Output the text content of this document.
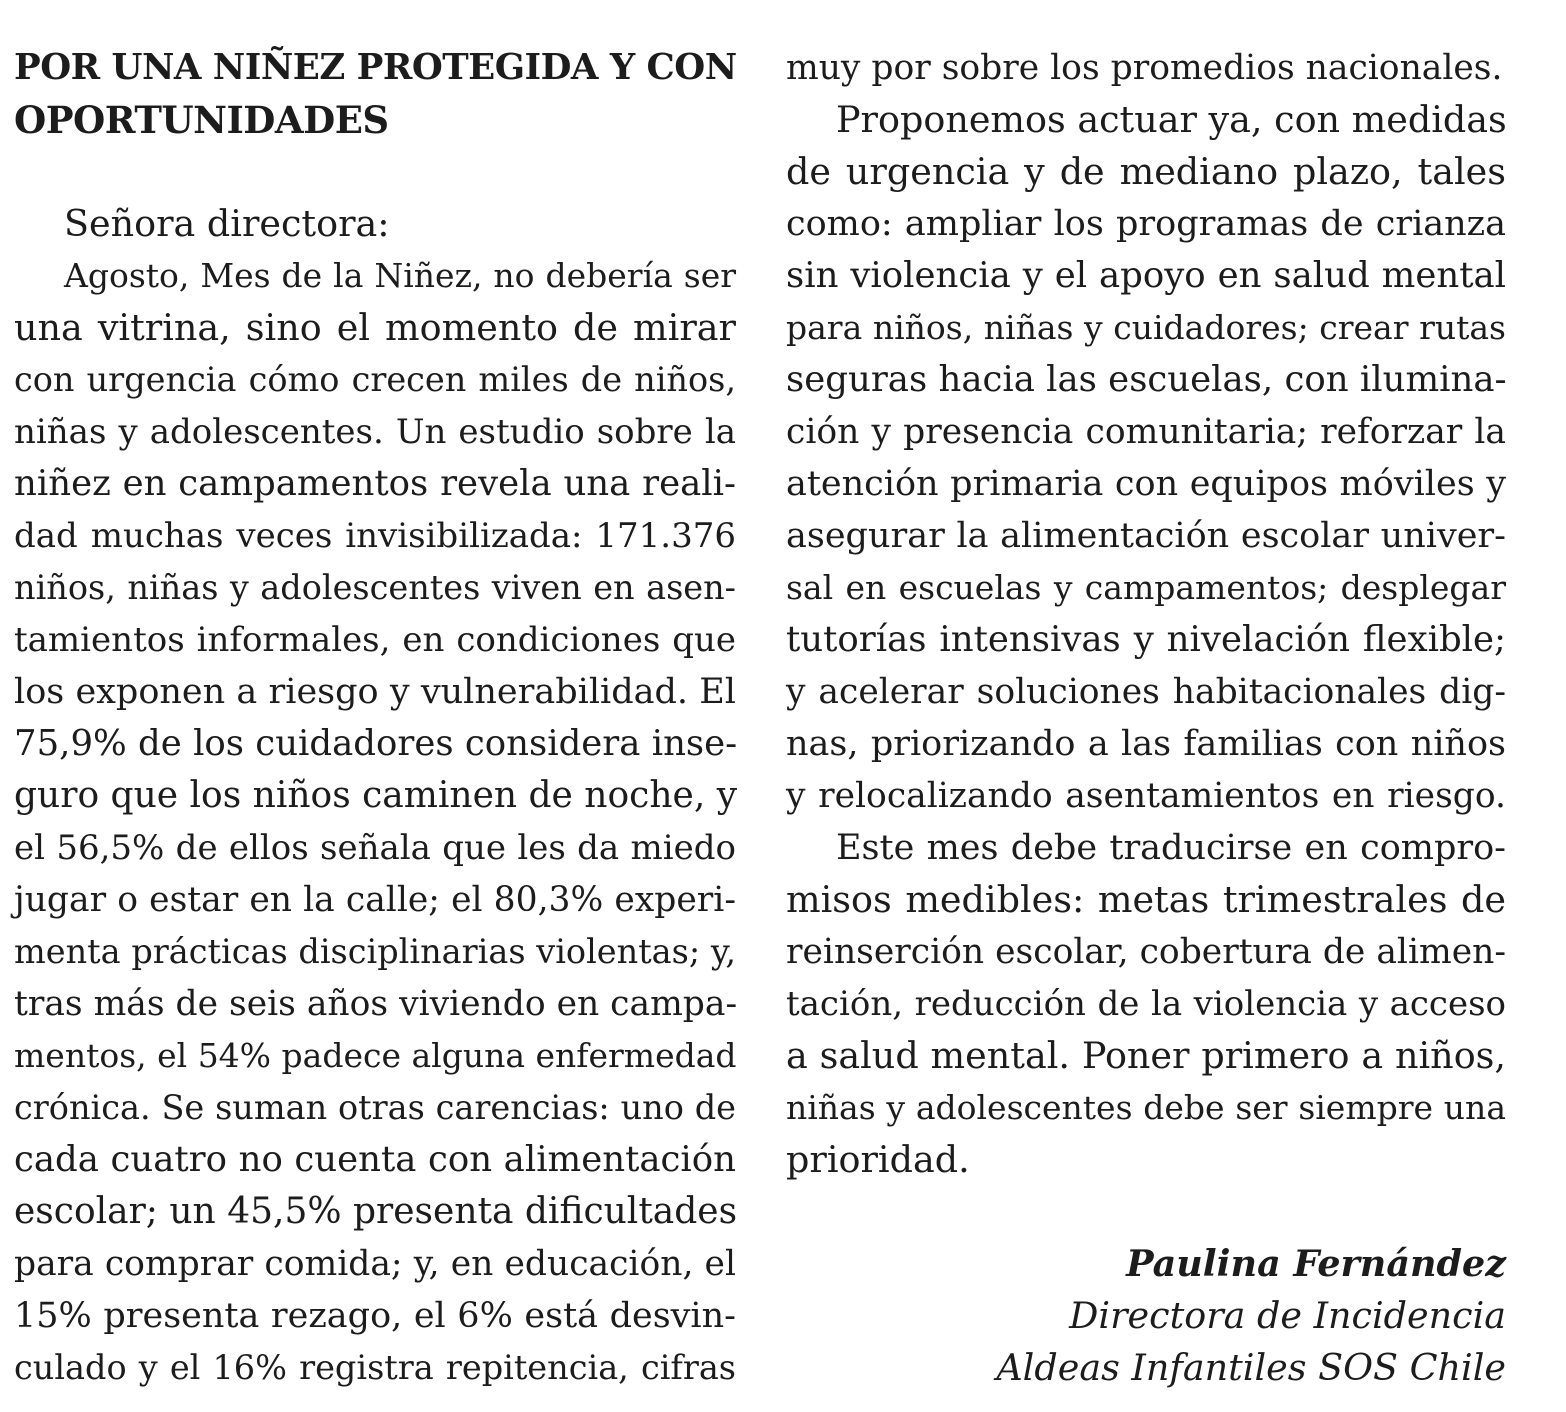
POR UNA NIÑEZ PROTEGIDA Y CON
OPORTUNIDADES
Señora directora:
Agosto, Mes de la Niñez, no debería ser
una vitrina, sino el momento de mirar
con urgencia cómo crecen miles de niños,
niñas y adolescentes. Un estudio sobre la
niñez en campamentos revela una reali-
dad muchas veces invisibilizada: 171.376
niños, niñas y adolescentes viven en asen-
tamientos informales, en condiciones que
los exponen a riesgo y vulnerabilidad. El
75,9% de los cuidadores considera inse-
guro que los niños caminen de noche, y
el 56,5% de ellos señala que les da miedo
jugar o estar en la calle; el 80,3% experi-
menta prácticas disciplinarias violentas; y,
tras más de seis años viviendo en campa-
mentos, el 54% padece alguna enfermedad
crónica. Se suman otras carencias: uno de
cada cuatro no cuenta con alimentación
escolar; un 45,5% presenta dificultades
para comprar comida; y, en educación, el
15% presenta rezago, el 6% está desvin-
culado y el 16% registra repitencia, cifras
muy por sobre los promedios nacionales.
Proponemos actuar ya, con medidas
de urgencia y de mediano plazo, tales
como: ampliar los programas de crianza
sin violencia y el apoyo en salud mental
para niños, niñas y cuidadores; crear rutas
seguras hacia las escuelas, con ilumina-
ción y presencia comunitaria; reforzar la
atención primaria con equipos móviles y
asegurar la alimentación escolar univer-
sal en escuelas y campamentos; desplegar
tutorías intensivas y nivelación flexible;
y acelerar soluciones habitacionales dig-
nas, priorizando a las familias con niños
y relocalizando asentamientos en riesgo.
Este mes debe traducirse en compro-
misos medibles: metas trimestrales de
reinserción escolar, cobertura de alimen-
tación, reducción de la violencia y acceso
a salud mental. Poner primero a niños,
niñas y adolescentes debe ser siempre una
prioridad.
Paulina Fernández
Directora de Incidencia
Aldeas Infantiles SOS Chile
